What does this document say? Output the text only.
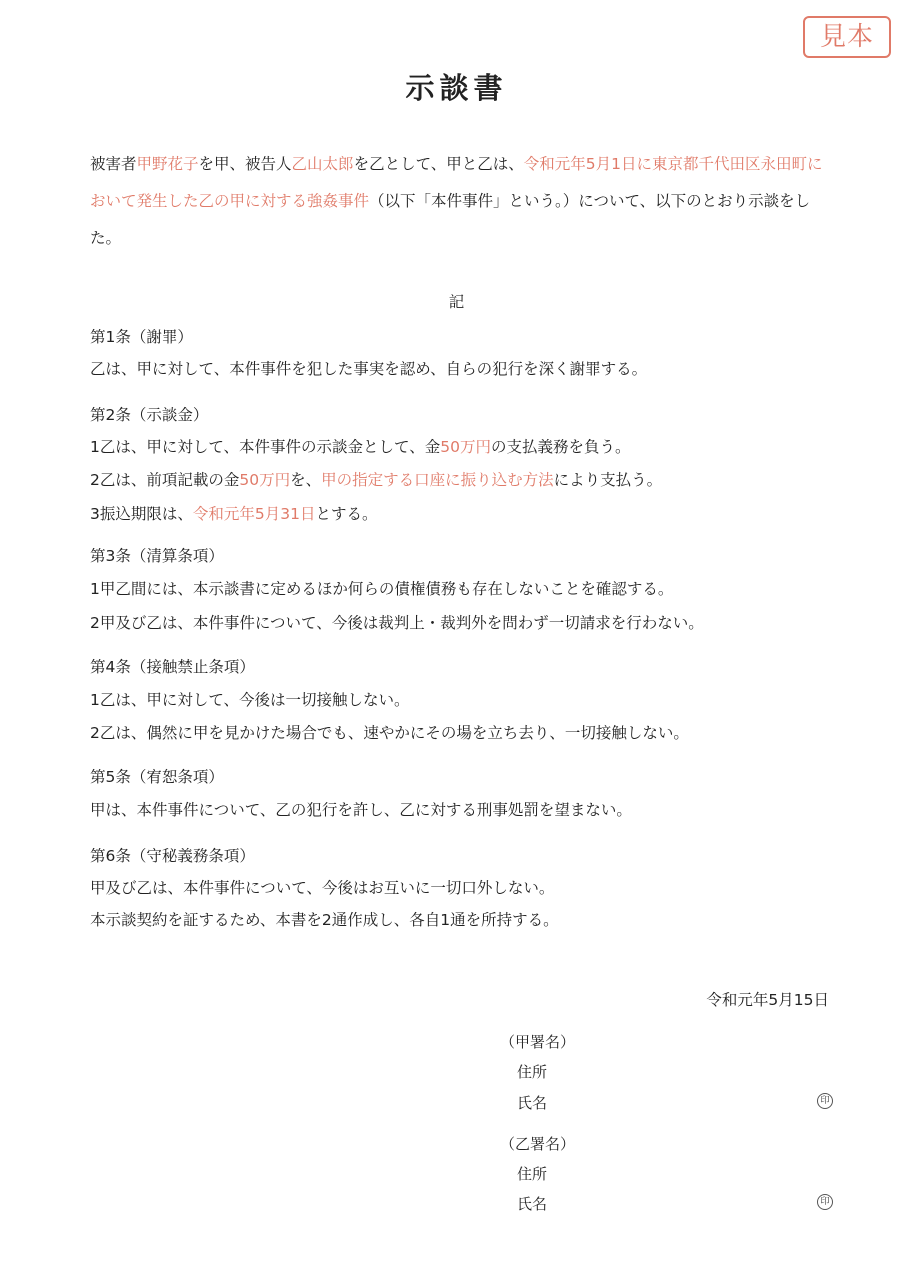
見本
示談書
被害者甲野花子を甲、被告人乙山太郎を乙として、甲と乙は、令和元年5月1日に東京都千代田区永田町において発生した乙の甲に対する強姦事件（以下「本件事件」という。）について、以下のとおり示談をした。
記
第1条（謝罪）
乙は、甲に対して、本件事件を犯した事実を認め、自らの犯行を深く謝罪する。
第2条（示談金）
1乙は、甲に対して、本件事件の示談金として、金50万円の支払義務を負う。
2乙は、前項記載の金50万円を、甲の指定する口座に振り込む方法により支払う。
3振込期限は、令和元年5月31日とする。
第3条（清算条項）
1甲乙間には、本示談書に定めるほか何らの債権債務も存在しないことを確認する。
2甲及び乙は、本件事件について、今後は裁判上・裁判外を問わず一切請求を行わない。
第4条（接触禁止条項）
1乙は、甲に対して、今後は一切接触しない。
2乙は、偶然に甲を見かけた場合でも、速やかにその場を立ち去り、一切接触しない。
第5条（宥恕条項）
甲は、本件事件について、乙の犯行を許し、乙に対する刑事処罰を望まない。
第6条（守秘義務条項）
甲及び乙は、本件事件について、今後はお互いに一切口外しない。
本示談契約を証するため、本書を2通作成し、各自1通を所持する。
令和元年5月15日
（甲署名）
住所
氏名	印
（乙署名）
住所
氏名	印
